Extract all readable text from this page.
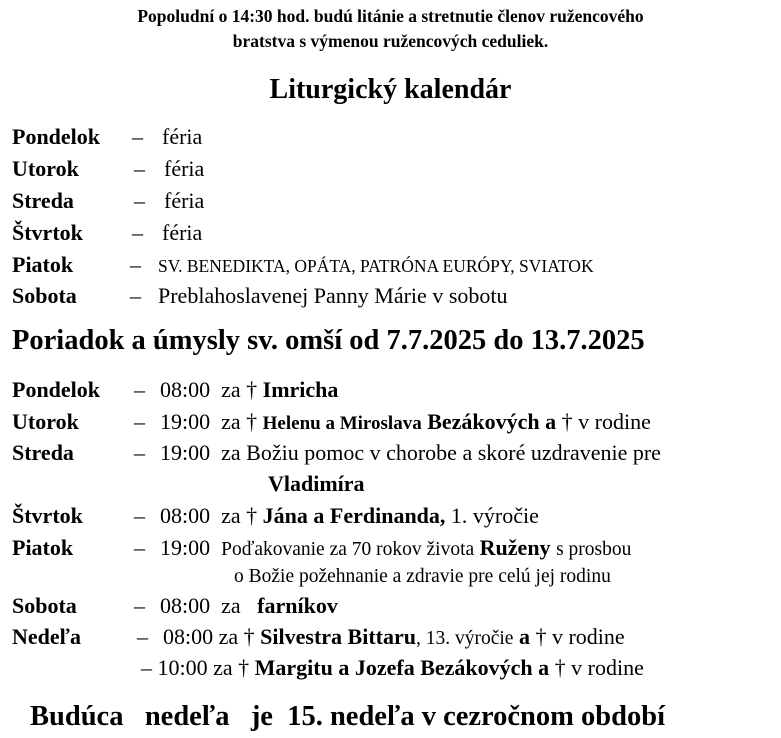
Popoludní o 14:30 hod. budú litánie a stretnutie členov ružencového
bratstva s výmenou ružencových ceduliek.
Liturgický kalendár
Pondelok – féria
Utorok	– féria
Streda	– féria
Štvrtok – féria
Piatok	– SV. BENEDIKTA, OPÁTA, PATRÓNA EURÓPY, SVIATOK
Sobota – Preblahoslavenej Panny Márie v sobotu
Poriadok a úmysly sv. omší od 7.7.2025 do 13.7.2025
Pondelok – 08:00 za † Imricha
Utorok	– 19:00 za † Helenu a Miroslava Bezákových a † v rodine
Streda	– 19:00 za Božiu pomoc v chorobe a skoré uzdravenie pre
Vladimíra
Štvrtok – 08:00 za † Jána a Ferdinanda, 1. výročie
Piatok	– 19:00 Poďakovanie za 70 rokov života Ruženy s prosbou
o Božie požehnanie a zdravie pre celú jej rodinu
Sobota	– 08:00 za farníkov
Nedeľa	– 08:00 za † Silvestra Bittaru, 13. výročie a † v rodine
– 10:00 za † Margitu a Jozefa Bezákových a † v rodine
Budúca   nedeľa   je  15. nedeľa v cezročnom období
